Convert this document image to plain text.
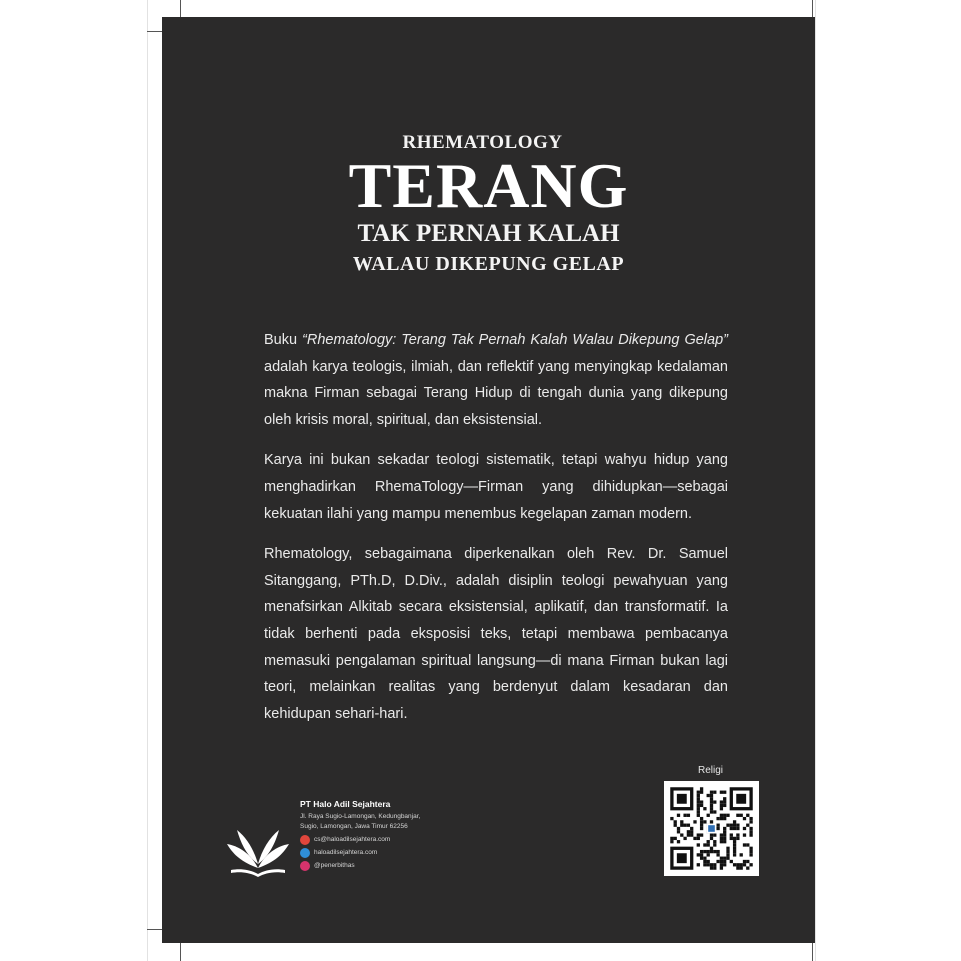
RHEMATOLOGY
TERANG
TAK PERNAH KALAH
WALAU DIKEPUNG GELAP

Buku “Rhematology: Terang Tak Pernah Kalah Walau Dikepung Gelap” adalah karya teologis, ilmiah, dan reflektif yang menyingkap kedalaman makna Firman sebagai Terang Hidup di tengah dunia yang dikepung oleh krisis moral, spiritual, dan eksistensial.

Karya ini bukan sekadar teologi sistematik, tetapi wahyu hidup yang menghadirkan RhemaTology—Firman yang dihidupkan—sebagai kekuatan ilahi yang mampu menembus kegelapan zaman modern.

Rhematology, sebagaimana diperkenalkan oleh Rev. Dr. Samuel Sitanggang, PTh.D, D.Div., adalah disiplin teologi pewahyuan yang menafsirkan Alkitab secara eksistensial, aplikatif, dan transformatif. Ia tidak berhenti pada eksposisi teks, tetapi membawa pembacanya memasuki pengalaman spiritual langsung—di mana Firman bukan lagi teori, melainkan realitas yang berdenyut dalam kesadaran dan kehidupan sehari-hari.

PT Halo Adil Sejahtera
Jl. Raya Sugio-Lamongan, Kedungbanjar,
Sugio, Lamongan, Jawa Timur 62256
cs@haloadilsejahtera.com
haloadilsejahtera.com
@penerbithas
Religi
